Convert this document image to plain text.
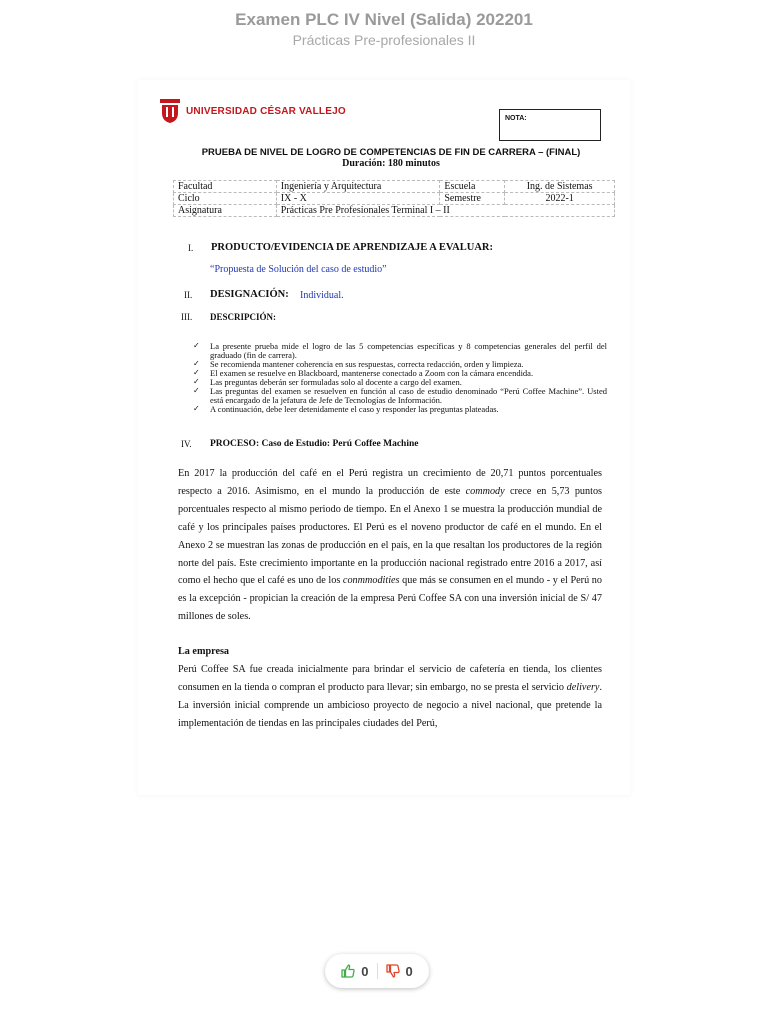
Examen PLC IV Nivel (Salida) 202201
Prácticas Pre-profesionales II
UNIVERSIDAD CÉSAR VALLEJO
NOTA:
PRUEBA DE NIVEL DE LOGRO DE COMPETENCIAS DE FIN DE CARRERA – (FINAL)
Duración: 180 minutos
Facultad	Ingeniería y Arquitectura	Escuela	Ing. de Sistemas
Ciclo	IX - X	Semestre	2022-1
Asignatura	Prácticas Pre Profesionales Terminal I – II		
I. PRODUCTO/EVIDENCIA DE APRENDIZAJE A EVALUAR:
“Propuesta de Solución del caso de estudio”
II. DESIGNACIÓN: Individual.
III. DESCRIPCIÓN:
✓ La presente prueba mide el logro de las 5 competencias específicas y 8 competencias generales del perfil del graduado (fin de carrera).
✓ Se recomienda mantener coherencia en sus respuestas, correcta redacción, orden y limpieza.
✓ El examen se resuelve en Blackboard, mantenerse conectado a Zoom con la cámara encendida.
✓ Las preguntas deberán ser formuladas solo al docente a cargo del examen.
✓ Las preguntas del examen se resuelven en función al caso de estudio denominado “Perú Coffee Machine”. Usted está encargado de la jefatura de Jefe de Tecnologías de Información.
✓ A continuación, debe leer detenidamente el caso y responder las preguntas plateadas.
IV. PROCESO: Caso de Estudio: Perú Coffee Machine

En 2017 la producción del café en el Perú registra un crecimiento de 20,71 puntos porcentuales respecto a 2016. Asimismo, en el mundo la producción de este commody crece en 5,73 puntos porcentuales respecto al mismo periodo de tiempo. En el Anexo 1 se muestra la producción mundial de café y los principales países productores. El Perú es el noveno productor de café en el mundo. En el Anexo 2 se muestran las zonas de producción en el país, en la que resaltan los productores de la región norte del país. Este crecimiento importante en la producción nacional registrado entre 2016 a 2017, así como el hecho que el café es uno de los conmmodities que más se consumen en el mundo - y el Perú no es la excepción - propician la creación de la empresa Perú Coffee SA con una inversión inicial de S/ 47 millones de soles.

La empresa

Perú Coffee SA fue creada inicialmente para brindar el servicio de cafetería en tienda, los clientes consumen en la tienda o compran el producto para llevar; sin embargo, no se presta el servicio delivery. La inversión inicial comprende un ambicioso proyecto de negocio a nivel nacional, que pretende la implementación de tiendas en las principales ciudades del Perú,

0	0
